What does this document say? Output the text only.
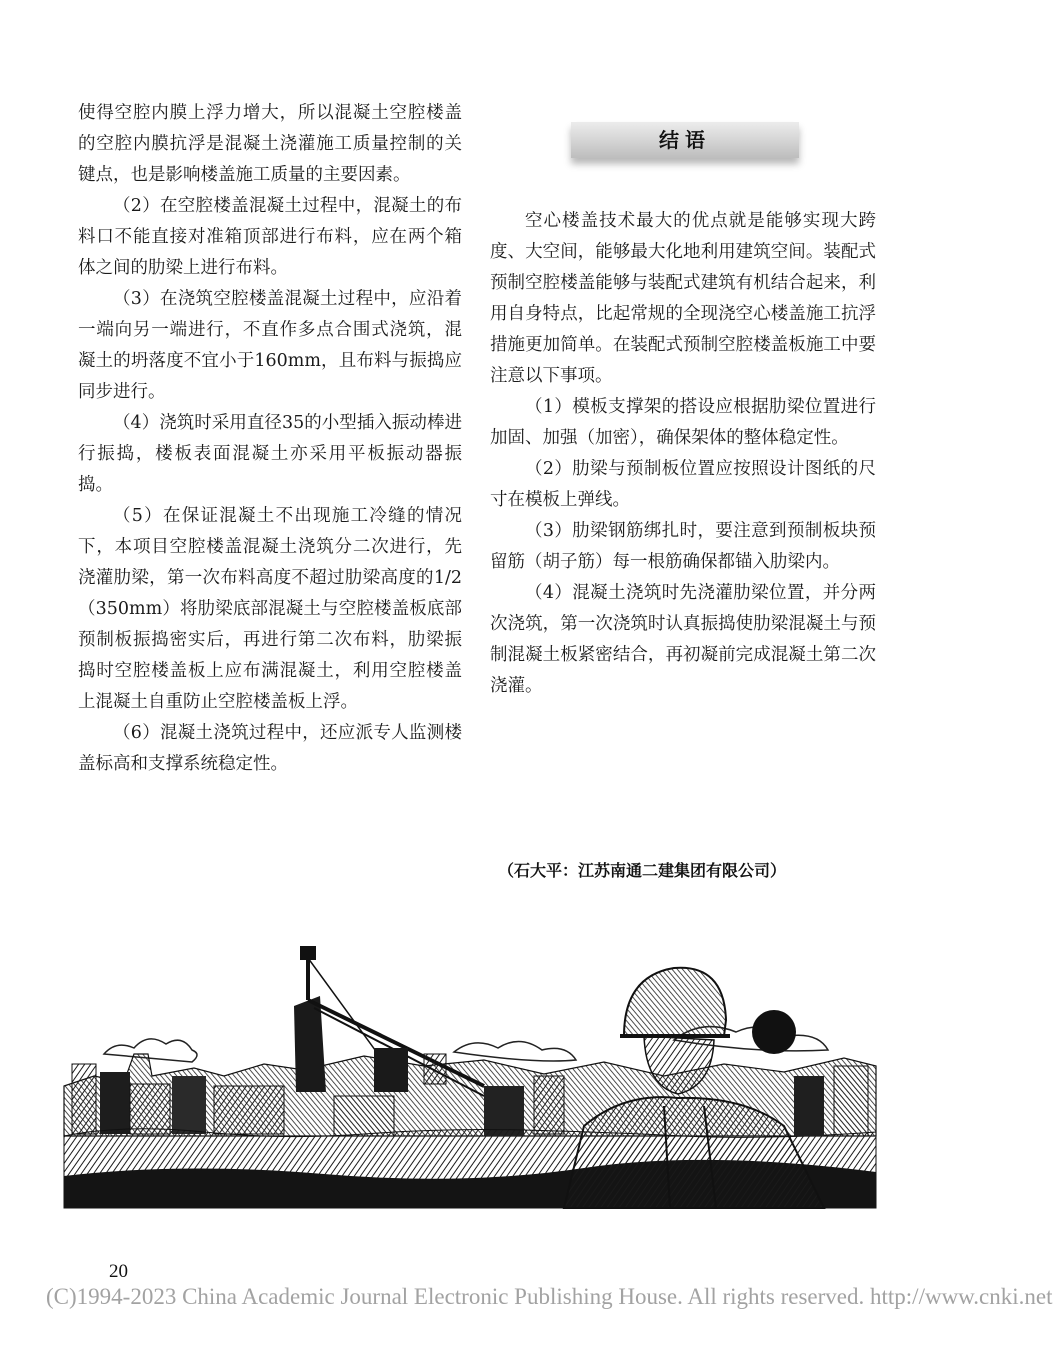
使得空腔内膜上浮力增大，所以混凝土空腔楼盖的空腔内膜抗浮是混凝土浇灌施工质量控制的关键点，也是影响楼盖施工质量的主要因素。

（2）在空腔楼盖混凝土过程中，混凝土的布料口不能直接对准箱顶部进行布料，应在两个箱体之间的肋梁上进行布料。

（3）在浇筑空腔楼盖混凝土过程中，应沿着一端向另一端进行，不直作多点合围式浇筑，混凝土的坍落度不宜小于160mm，且布料与振捣应同步进行。

（4）浇筑时采用直径35的小型插入振动棒进行振捣，楼板表面混凝土亦采用平板振动器振捣。

（5）在保证混凝土不出现施工冷缝的情况下，本项目空腔楼盖混凝土浇筑分二次进行，先浇灌肋梁，第一次布料高度不超过肋梁高度的1/2（350mm）将肋梁底部混凝土与空腔楼盖板底部预制板振捣密实后，再进行第二次布料，肋梁振捣时空腔楼盖板上应布满混凝土，利用空腔楼盖上混凝土自重防止空腔楼盖板上浮。

（6）混凝土浇筑过程中，还应派专人监测楼盖标高和支撑系统稳定性。

结语

空心楼盖技术最大的优点就是能够实现大跨度、大空间，能够最大化地利用建筑空间。装配式预制空腔楼盖能够与装配式建筑有机结合起来，利用自身特点，比起常规的全现浇空心楼盖施工抗浮措施更加简单。在装配式预制空腔楼盖板施工中要注意以下事项。

（1）模板支撑架的搭设应根据肋梁位置进行加固、加强（加密），确保架体的整体稳定性。

（2）肋梁与预制板位置应按照设计图纸的尺寸在模板上弹线。

（3）肋梁钢筋绑扎时，要注意到预制板块预留筋（胡子筋）每一根筋确保都锚入肋梁内。

（4）混凝土浇筑时先浇灌肋梁位置，并分两次浇筑，第一次浇筑时认真振捣使肋梁混凝土与预制混凝土板紧密结合，再初凝前完成混凝土第二次浇灌。

（石大平：江苏南通二建集团有限公司）
20
(C)1994-2023 China Academic Journal Electronic Publishing House. All rights reserved. http://www.cnki.net
